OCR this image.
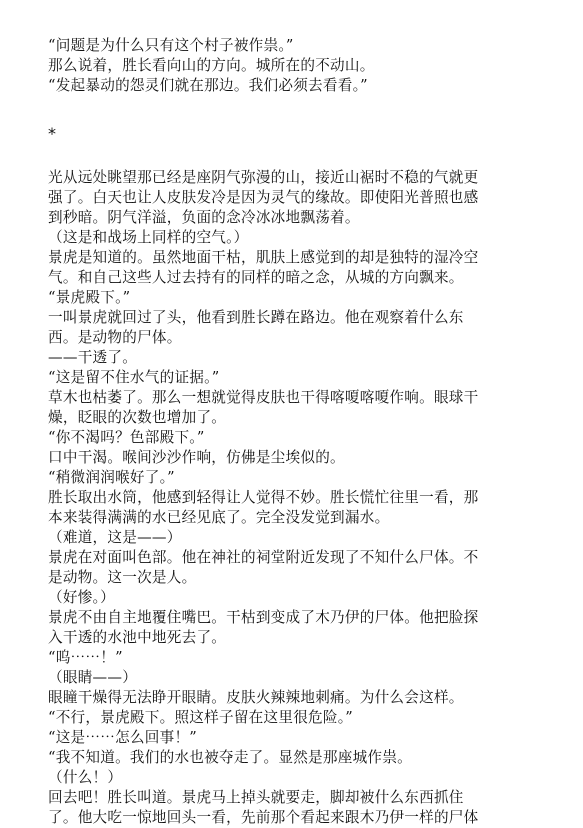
“问题是为什么只有这个村子被作祟。”
那么说着，胜长看向山的方向。城所在的不动山。
“发起暴动的怨灵们就在那边。我们必须去看看。”
*
光从远处眺望那已经是座阴气弥漫的山，接近山裾时不稳的气就更
强了。白天也让人皮肤发冷是因为灵气的缘故。即使阳光普照也感
到秒暗。阴气洋溢，负面的念冷冰冰地飘荡着。
（这是和战场上同样的空气。）
景虎是知道的。虽然地面干枯，肌肤上感觉到的却是独特的湿冷空
气。和自己这些人过去持有的同样的暗之念，从城的方向飘来。
“景虎殿下。”
一叫景虎就回过了头，他看到胜长蹲在路边。他在观察着什么东
西。是动物的尸体。
——干透了。
“这是留不住水气的证据。”
草木也枯萎了。那么一想就觉得皮肤也干得喀嗄喀嗄作响。眼球干
燥，眨眼的次数也增加了。
“你不渴吗？色部殿下。”
口中干渴。喉间沙沙作响，仿佛是尘埃似的。
“稍微润润喉好了。”
胜长取出水筒，他感到轻得让人觉得不妙。胜长慌忙往里一看，那
本来装得满满的水已经见底了。完全没发觉到漏水。
（难道，这是——）
景虎在对面叫色部。他在神社的祠堂附近发现了不知什么尸体。不
是动物。这一次是人。
（好惨。）
景虎不由自主地覆住嘴巴。干枯到变成了木乃伊的尸体。他把脸探
入干透的水池中地死去了。
“呜⋯⋯！”
（眼睛——）
眼瞳干燥得无法睁开眼睛。皮肤火辣辣地刺痛。为什么会这样。
“不行，景虎殿下。照这样子留在这里很危险。”
“这是⋯⋯怎么回事！”
“我不知道。我们的水也被夺走了。显然是那座城作祟。
（什么！）
回去吧！胜长叫道。景虎马上掉头就要走，脚却被什么东西抓住
了。他大吃一惊地回头一看，先前那个看起来跟木乃伊一样的尸体
